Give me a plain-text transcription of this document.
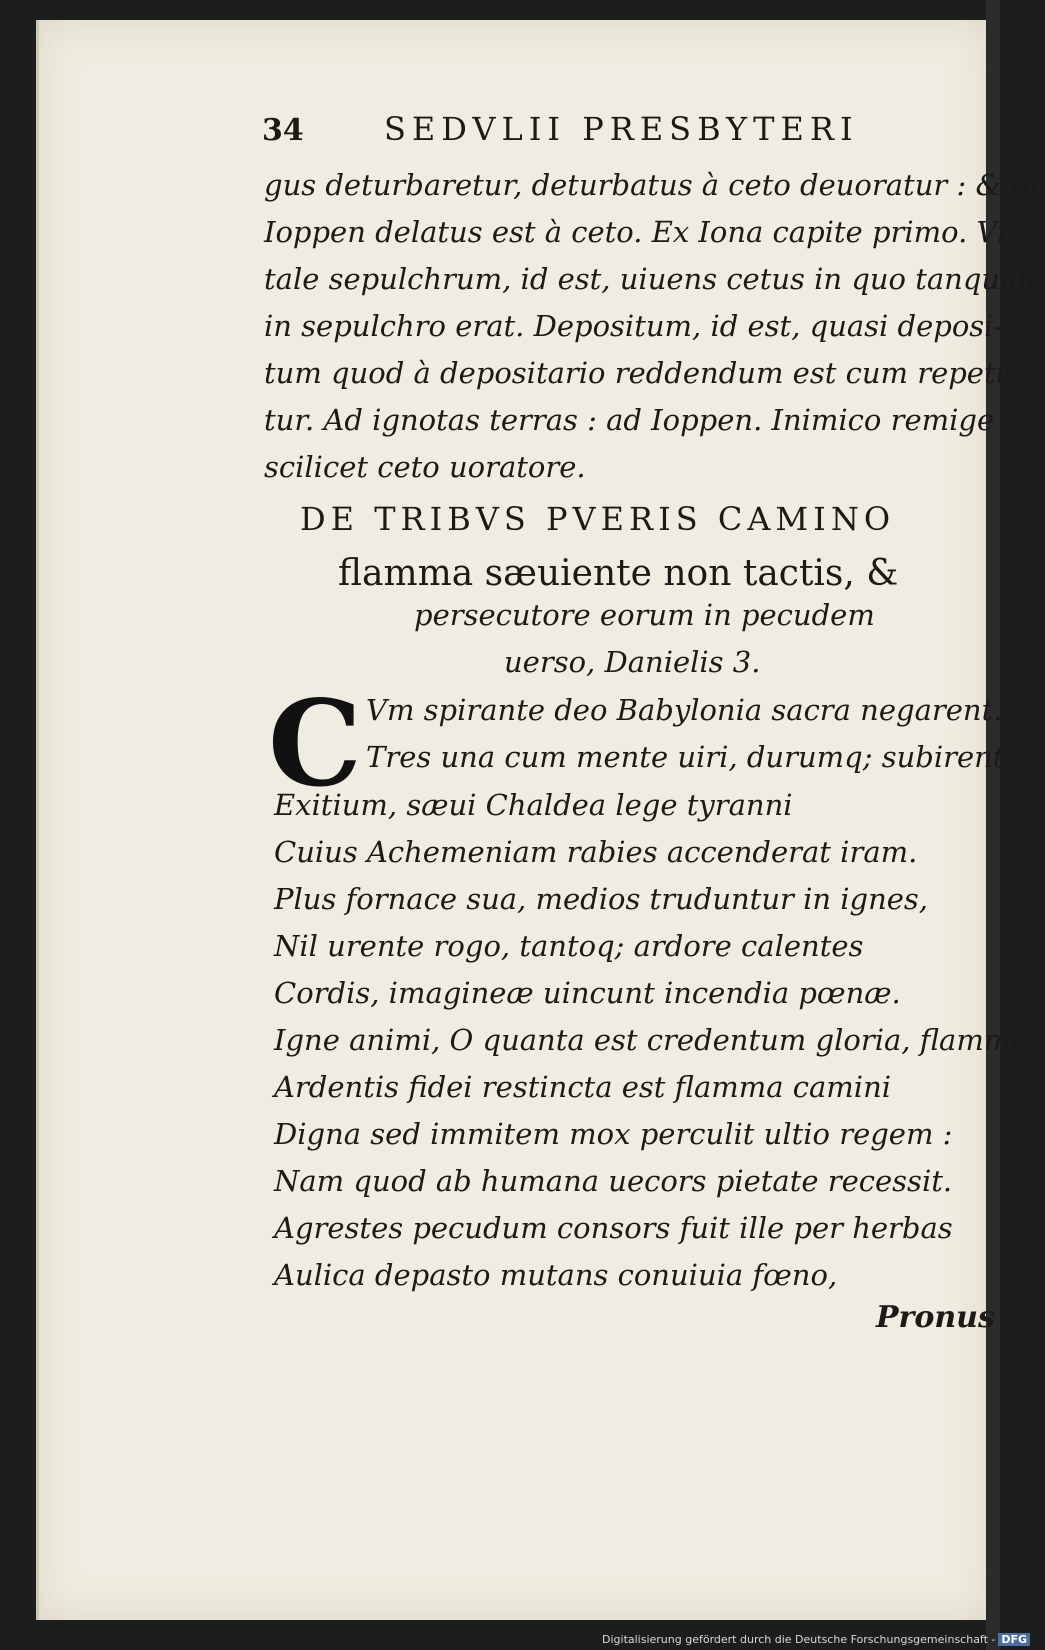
34	SEDVLII PRESBYTERI
gus deturbaretur, deturbatus à ceto deuoratur : & in
Ioppen delatus est à ceto. Ex Iona capite primo. Vi-
tale sepulchrum, id est, uiuens cetus in quo tanquàm
in sepulchro erat. Depositum, id est, quasi deposi-
tum quod à depositario reddendum est cum repeti-
tur. Ad ignotas terras : ad Ioppen. Inimico remige
scilicet ceto uoratore.
DE TRIBVS PVERIS CAMINO
flamma sæuiente non tactis, &
persecutore eorum in pecudem
uerso, Danielis 3.
C Vm spirante deo Babylonia sacra negarent.
Tres una cum mente uiri, durumq; subirent
Exitium, sæui Chaldea lege tyranni
Cuius Achemeniam rabies accenderat iram.
Plus fornace sua, medios truduntur in ignes,
Nil urente rogo, tantoq; ardore calentes
Cordis, imagineæ uincunt incendia pœnæ.
Igne animi, O quanta est credentum gloria, flammis
Ardentis fidei restincta est flamma camini
Digna sed immitem mox perculit ultio regem :
Nam quod ab humana uecors pietate recessit.
Agrestes pecudum consors fuit ille per herbas
Aulica depasto mutans conuiuia fœno,
Pronus
Digitalisierung gefördert durch die Deutsche Forschungsgemeinschaft - DFG
